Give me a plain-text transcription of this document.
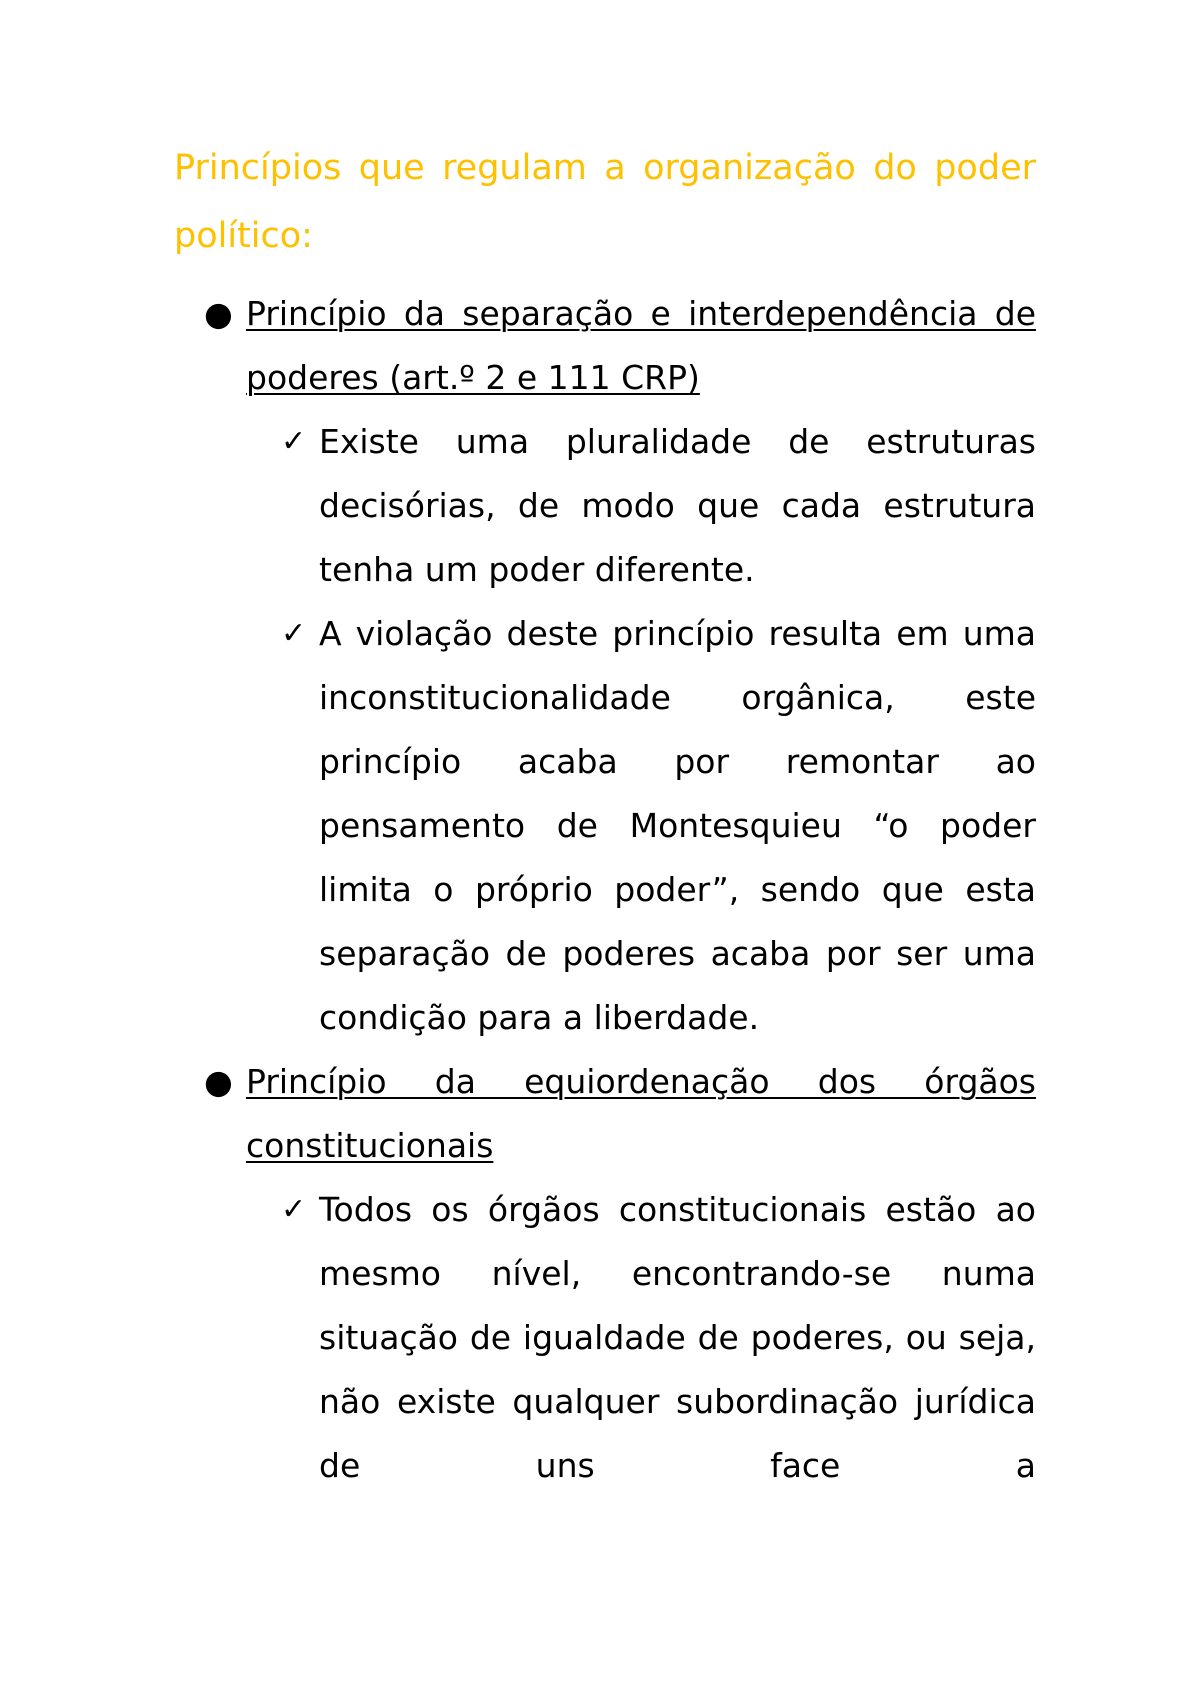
Princípios que regulam a organização do poder político:
● Princípio da separação e interdependência de poderes (art.º 2 e 111 CRP)
✓ Existe uma pluralidade de estruturas decisórias, de modo que cada estrutura tenha um poder diferente.
✓ A violação deste princípio resulta em uma inconstitucionalidade orgânica, este princípio acaba por remontar ao pensamento de Montesquieu “o poder limita o próprio poder”, sendo que esta separação de poderes acaba por ser uma condição para a liberdade.
● Princípio da equiordenação dos órgãos constitucionais
✓ Todos os órgãos constitucionais estão ao mesmo nível, encontrando-se numa situação de igualdade de poderes, ou seja, não existe qualquer subordinação jurídica de uns face a
